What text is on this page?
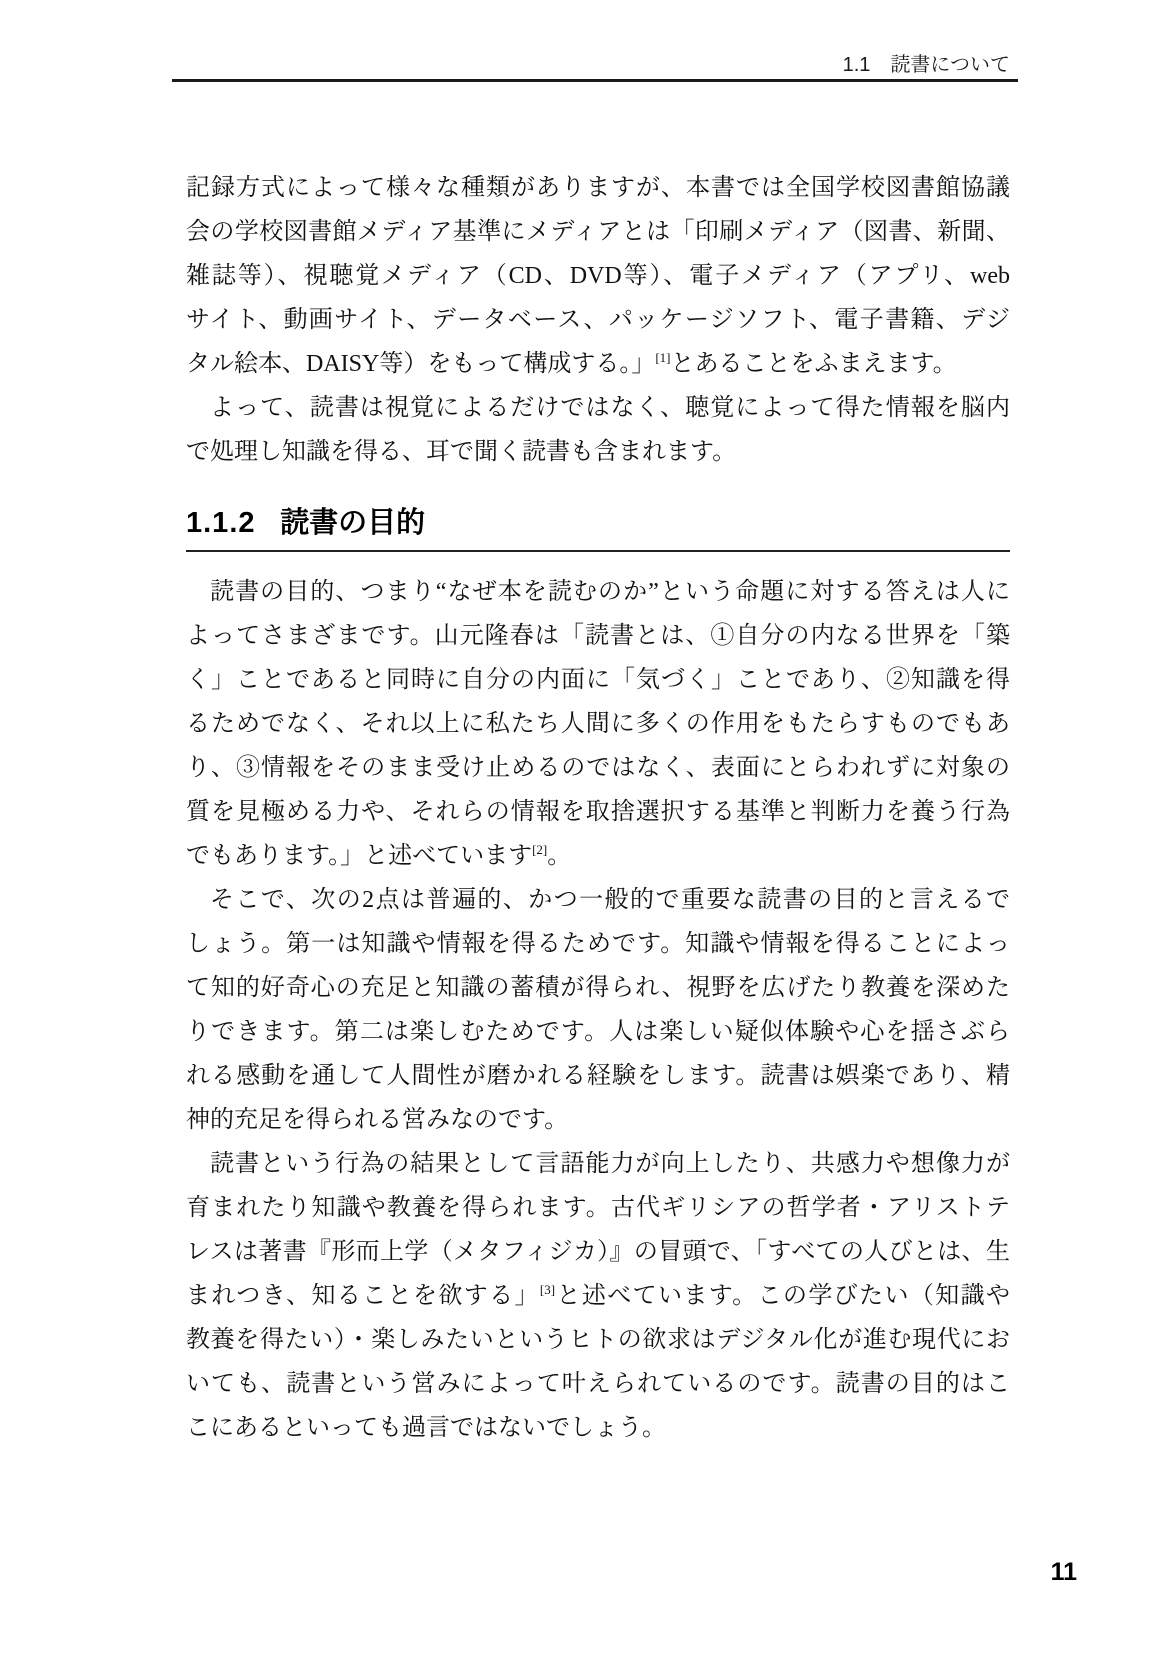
1.1　読書について
記録方式によって様々な種類がありますが、本書では全国学校図書館協議
会の学校図書館メディア基準にメディアとは「印刷メディア（図書、新聞、
雑誌等）、視聴覚メディア（CD、DVD等）、電子メディア（アプリ、web
サイト、動画サイト、データベース、パッケージソフト、電子書籍、デジ
タル絵本、DAISY等）をもって構成する。」[1]とあることをふまえます。
よって、読書は視覚によるだけではなく、聴覚によって得た情報を脳内
で処理し知識を得る、耳で聞く読書も含まれます。
1.1.2 読書の目的
読書の目的、つまり“なぜ本を読むのか”という命題に対する答えは人に
よってさまざまです。山元隆春は「読書とは、①自分の内なる世界を「築
く」ことであると同時に自分の内面に「気づく」ことであり、②知識を得
るためでなく、それ以上に私たち人間に多くの作用をもたらすものでもあ
り、③情報をそのまま受け止めるのではなく、表面にとらわれずに対象の
質を見極める力や、それらの情報を取捨選択する基準と判断力を養う行為
でもあります。」と述べています[2]。
そこで、次の2点は普遍的、かつ一般的で重要な読書の目的と言えるで
しょう。第一は知識や情報を得るためです。知識や情報を得ることによっ
て知的好奇心の充足と知識の蓄積が得られ、視野を広げたり教養を深めた
りできます。第二は楽しむためです。人は楽しい疑似体験や心を揺さぶら
れる感動を通して人間性が磨かれる経験をします。読書は娯楽であり、精
神的充足を得られる営みなのです。
読書という行為の結果として言語能力が向上したり、共感力や想像力が
育まれたり知識や教養を得られます。古代ギリシアの哲学者・アリストテ
レスは著書『形而上学（メタフィジカ）』の冒頭で、「すべての人びとは、生
まれつき、知ることを欲する」[3]と述べています。この学びたい（知識や
教養を得たい）・楽しみたいというヒトの欲求はデジタル化が進む現代にお
いても、読書という営みによって叶えられているのです。読書の目的はこ
こにあるといっても過言ではないでしょう。
11
